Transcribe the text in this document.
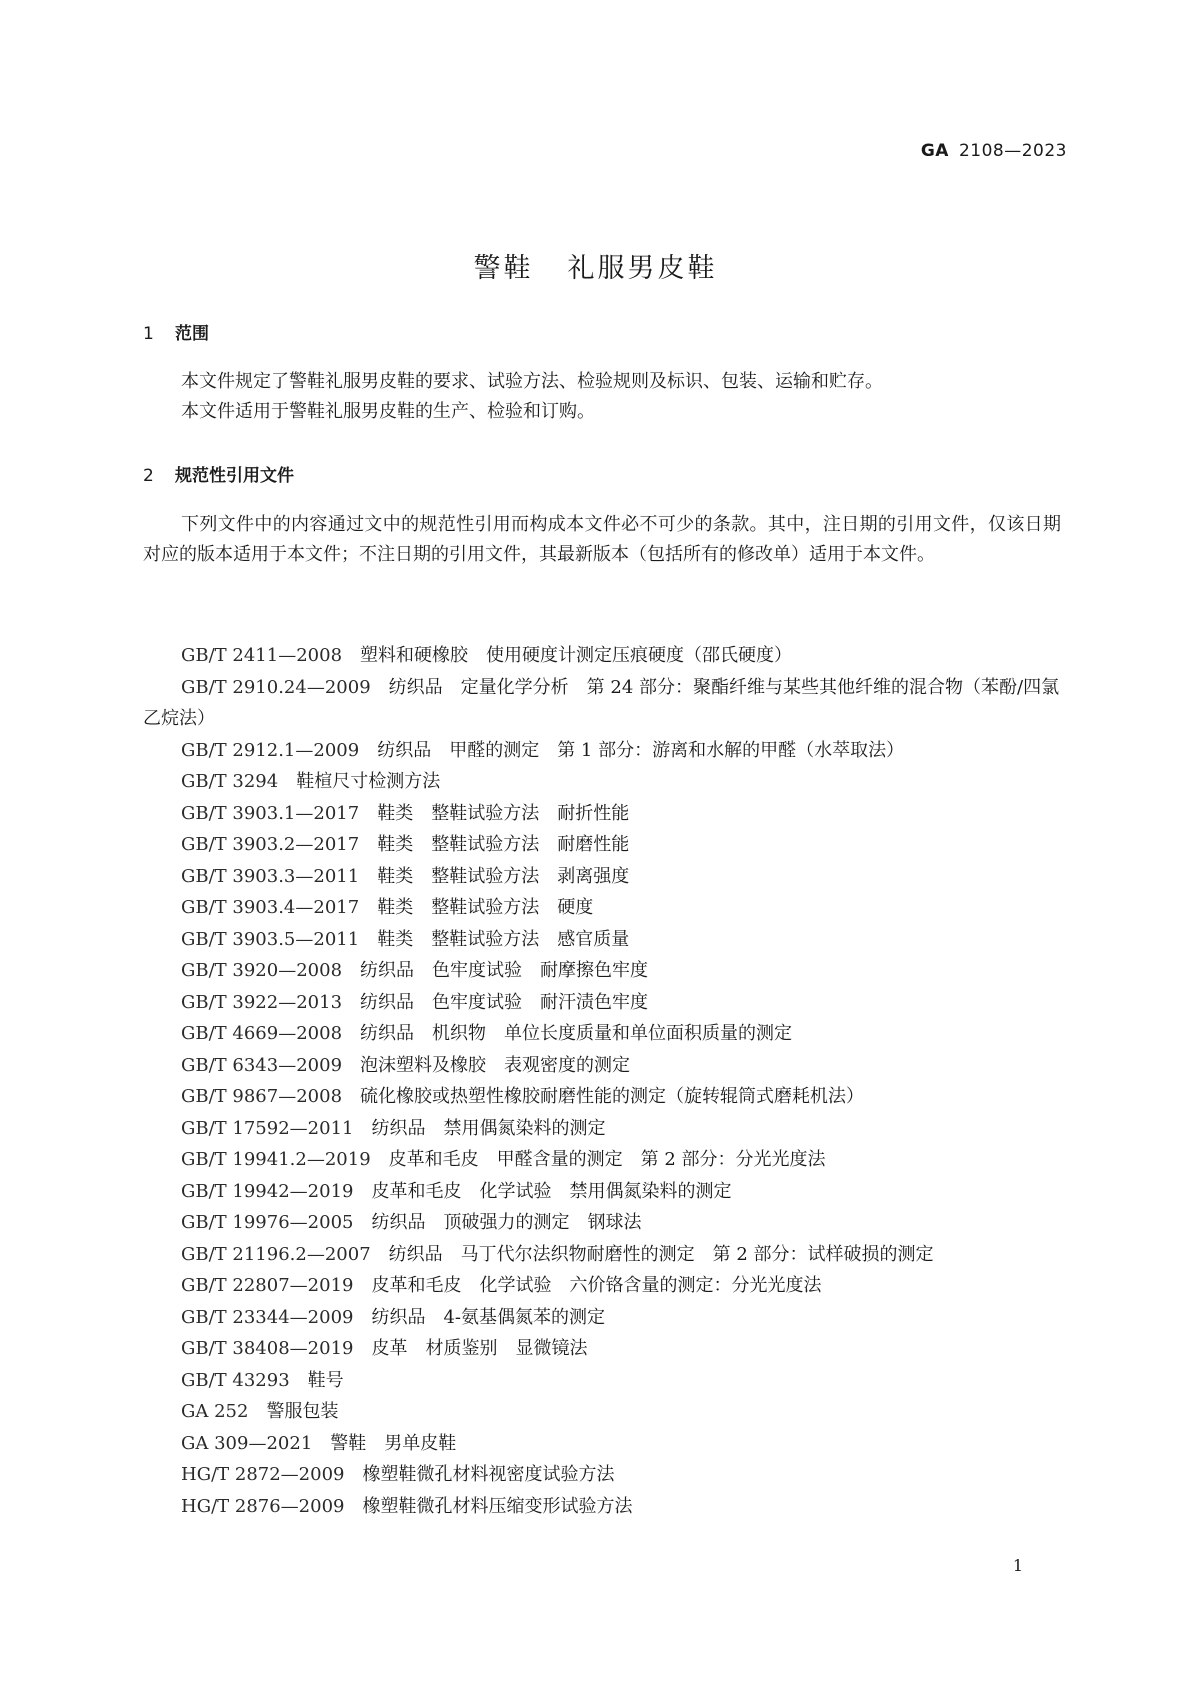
GA 2108—2023
警鞋 礼服男皮鞋
1 范围
本文件规定了警鞋礼服男皮鞋的要求、试验方法、检验规则及标识、包装、运输和贮存。
本文件适用于警鞋礼服男皮鞋的生产、检验和订购。
2 规范性引用文件
下列文件中的内容通过文中的规范性引用而构成本文件必不可少的条款。其中，注日期的引用文件，仅该日期对应的版本适用于本文件；不注日期的引用文件，其最新版本（包括所有的修改单）适用于本文件。
GB/T 2411—2008　 塑料和硬橡胶　使用硬度计测定压痕硬度（邵氏硬度）
GB/T 2910.24—2009　 纺织品　定量化学分析　第 24 部分：聚酯纤维与某些其他纤维的混合物（苯酚/四氯乙烷法）
GB/T 2912.1—2009　 纺织品　甲醛的测定　第 1 部分：游离和水解的甲醛（水萃取法）
GB/T 3294　 鞋楦尺寸检测方法
GB/T 3903.1—2017　 鞋类　整鞋试验方法　耐折性能
GB/T 3903.2—2017　 鞋类　整鞋试验方法　耐磨性能
GB/T 3903.3—2011　 鞋类　整鞋试验方法　剥离强度
GB/T 3903.4—2017　 鞋类　整鞋试验方法　硬度
GB/T 3903.5—2011　 鞋类　整鞋试验方法　感官质量
GB/T 3920—2008　 纺织品　色牢度试验　耐摩擦色牢度
GB/T 3922—2013　 纺织品　色牢度试验　耐汗渍色牢度
GB/T 4669—2008　 纺织品　机织物　单位长度质量和单位面积质量的测定
GB/T 6343—2009　 泡沫塑料及橡胶　表观密度的测定
GB/T 9867—2008　 硫化橡胶或热塑性橡胶耐磨性能的测定（旋转辊筒式磨耗机法）
GB/T 17592—2011　 纺织品　禁用偶氮染料的测定
GB/T 19941.2—2019　 皮革和毛皮　甲醛含量的测定　第 2 部分：分光光度法
GB/T 19942—2019　 皮革和毛皮　化学试验　禁用偶氮染料的测定
GB/T 19976—2005　 纺织品　顶破强力的测定　钢球法
GB/T 21196.2—2007　 纺织品　马丁代尔法织物耐磨性的测定　第 2 部分：试样破损的测定
GB/T 22807—2019　 皮革和毛皮　化学试验　六价铬含量的测定：分光光度法
GB/T 23344—2009　 纺织品　4-氨基偶氮苯的测定
GB/T 38408—2019　 皮革　材质鉴别　显微镜法
GB/T 43293　 鞋号
GA 252　 警服包装
GA 309—2021　 警鞋　男单皮鞋
HG/T 2872—2009　 橡塑鞋微孔材料视密度试验方法
HG/T 2876—2009　 橡塑鞋微孔材料压缩变形试验方法
1
